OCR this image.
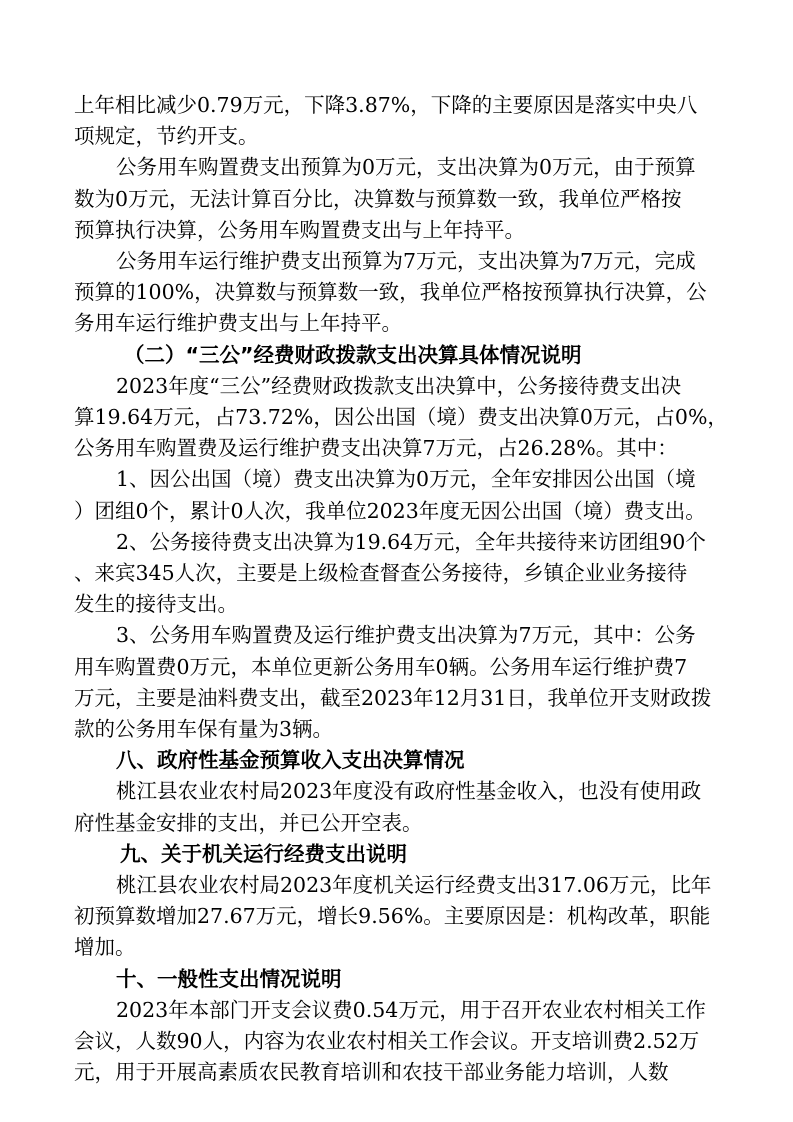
上年相比减少0.79万元，下降3.87%，下降的主要原因是落实中央八
项规定，节约开支。
公务用车购置费支出预算为0万元，支出决算为0万元，由于预算
数为0万元，无法计算百分比，决算数与预算数一致，我单位严格按
预算执行决算，公务用车购置费支出与上年持平。
公务用车运行维护费支出预算为7万元，支出决算为7万元，完成
预算的100%，决算数与预算数一致，我单位严格按预算执行决算，公
务用车运行维护费支出与上年持平。
（二）“三公”经费财政拨款支出决算具体情况说明
2023年度“三公”经费财政拨款支出决算中，公务接待费支出决
算19.64万元，占73.72%，因公出国（境）费支出决算0万元，占0%，
公务用车购置费及运行维护费支出决算7万元，占26.28%。其中：
1、因公出国（境）费支出决算为0万元，全年安排因公出国（境
）团组0个，累计0人次，我单位2023年度无因公出国（境）费支出。
2、公务接待费支出决算为19.64万元，全年共接待来访团组90个
、来宾345人次，主要是上级检查督查公务接待，乡镇企业业务接待
发生的接待支出。
3、公务用车购置费及运行维护费支出决算为7万元，其中：公务
用车购置费0万元，本单位更新公务用车0辆。公务用车运行维护费7
万元，主要是油料费支出，截至2023年12月31日，我单位开支财政拨
款的公务用车保有量为3辆。
八、政府性基金预算收入支出决算情况
桃江县农业农村局2023年度没有政府性基金收入，也没有使用政
府性基金安排的支出，并已公开空表。
九、关于机关运行经费支出说明
桃江县农业农村局2023年度机关运行经费支出317.06万元，比年
初预算数增加27.67万元，增长9.56%。主要原因是：机构改革，职能
增加。
十、一般性支出情况说明
2023年本部门开支会议费0.54万元，用于召开农业农村相关工作
会议，人数90人，内容为农业农村相关工作会议。开支培训费2.52万
元，用于开展高素质农民教育培训和农技干部业务能力培训，人数
